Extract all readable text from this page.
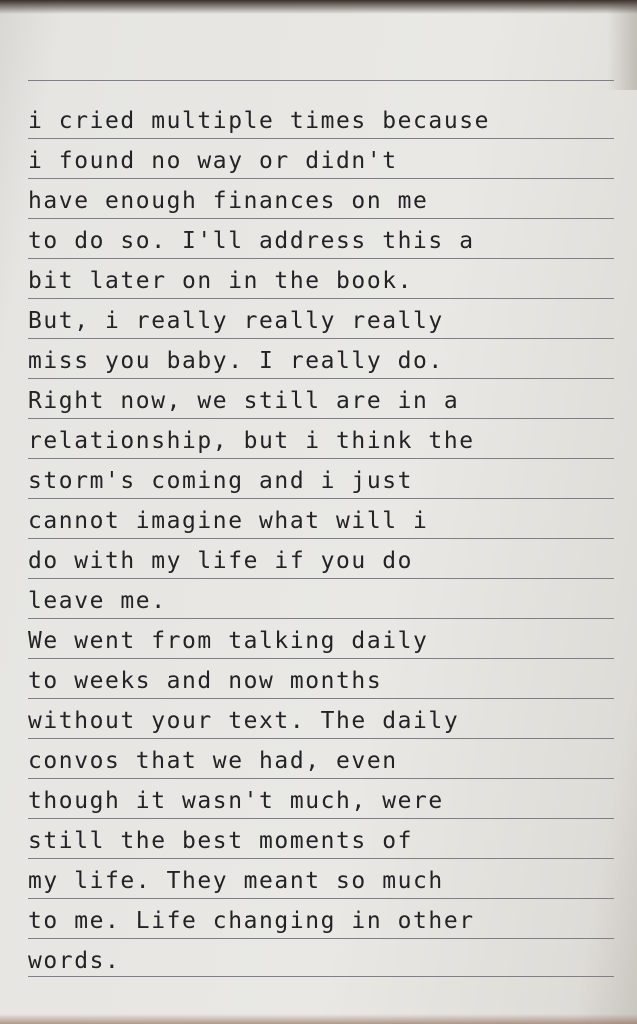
i cried multiple times because
i found no way or didn't
have enough finances on me
to do so. I'll address this a
bit later on in the book.
But, i really really really
miss you baby. I really do.
Right now, we still are in a
relationship, but i think the
storm's coming and i just
cannot imagine what will i
do with my life if you do
leave me.
We went from talking daily
to weeks and now months
without your text. The daily
convos that we had, even
though it wasn't much, were
still the best moments of
my life. They meant so much
to me. Life changing in other
words.
